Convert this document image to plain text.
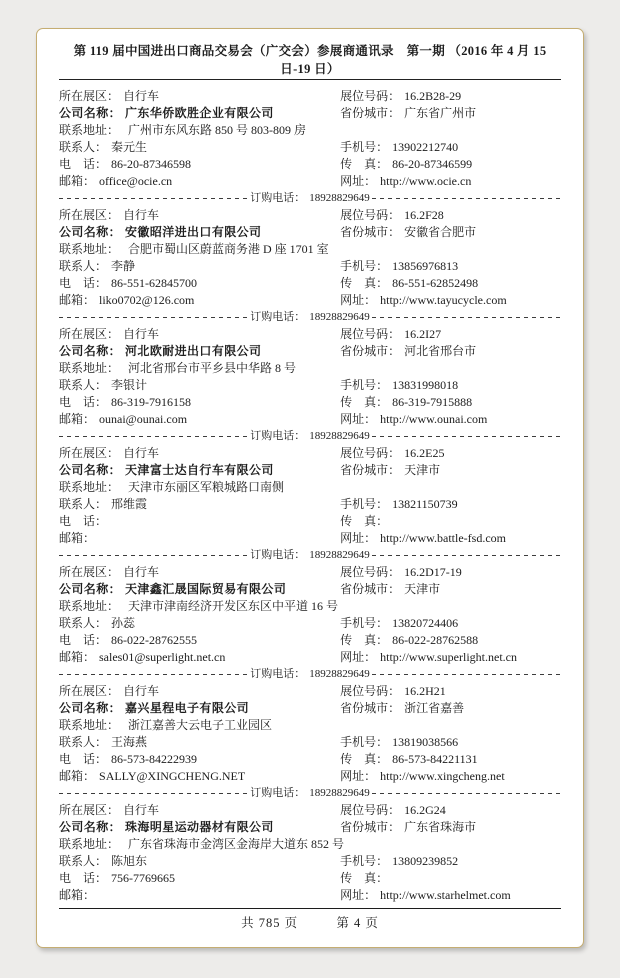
第 119 届中国进出口商品交易会（广交会）参展商通讯录　第一期 （2016 年 4 月 15 日-19 日）
所在展区： 自行车	展位号码： 16.2B28-29
公司名称： 广东华侨欧胜企业有限公司	省份城市： 广东省广州市
联系地址： 广州市东风东路 850 号 803-809 房
联系人： 秦元生	手机号： 13902212740
电　话： 86-20-87346598	传　真： 86-20-87346599
邮箱： office@ocie.cn	网址： http://www.ocie.cn
订购电话： 18928829649
所在展区： 自行车	展位号码： 16.2F28
公司名称： 安徽昭洋进出口有限公司	省份城市： 安徽省合肥市
联系地址： 合肥市蜀山区蔚蓝商务港 D 座 1701 室
联系人： 李静	手机号： 13856976813
电　话： 86-551-62845700	传　真： 86-551-62852498
邮箱： liko0702@126.com	网址： http://www.tayucycle.com
订购电话： 18928829649
所在展区： 自行车	展位号码： 16.2I27
公司名称： 河北欧耐进出口有限公司	省份城市： 河北省邢台市
联系地址： 河北省邢台市平乡县中华路 8 号
联系人： 李银计	手机号： 13831998018
电　话： 86-319-7916158	传　真： 86-319-7915888
邮箱： ounai@ounai.com	网址： http://www.ounai.com
订购电话： 18928829649
所在展区： 自行车	展位号码： 16.2E25
公司名称： 天津富士达自行车有限公司	省份城市： 天津市
联系地址： 天津市东丽区军粮城路口南侧
联系人： 邢维霞	手机号： 13821150739
电　话：	传　真：
邮箱：	网址： http://www.battle-fsd.com
订购电话： 18928829649
所在展区： 自行车	展位号码： 16.2D17-19
公司名称： 天津鑫汇晟国际贸易有限公司	省份城市： 天津市
联系地址： 天津市津南经济开发区东区中平道 16 号
联系人： 孙蕊	手机号： 13820724406
电　话： 86-022-28762555	传　真： 86-022-28762588
邮箱： sales01@superlight.net.cn	网址： http://www.superlight.net.cn
订购电话： 18928829649
所在展区： 自行车	展位号码： 16.2H21
公司名称： 嘉兴星程电子有限公司	省份城市： 浙江省嘉善
联系地址： 浙江嘉善大云电子工业园区
联系人： 王海燕	手机号： 13819038566
电　话： 86-573-84222939	传　真： 86-573-84221131
邮箱： SALLY@XINGCHENG.NET	网址： http://www.xingcheng.net
订购电话： 18928829649
所在展区： 自行车	展位号码： 16.2G24
公司名称： 珠海明星运动器材有限公司	省份城市： 广东省珠海市
联系地址： 广东省珠海市金湾区金海岸大道东 852 号
联系人： 陈旭东	手机号： 13809239852
电　话： 756-7769665	传　真：
邮箱：	网址： http://www.starhelmet.com
共 785 页	第 4 页
